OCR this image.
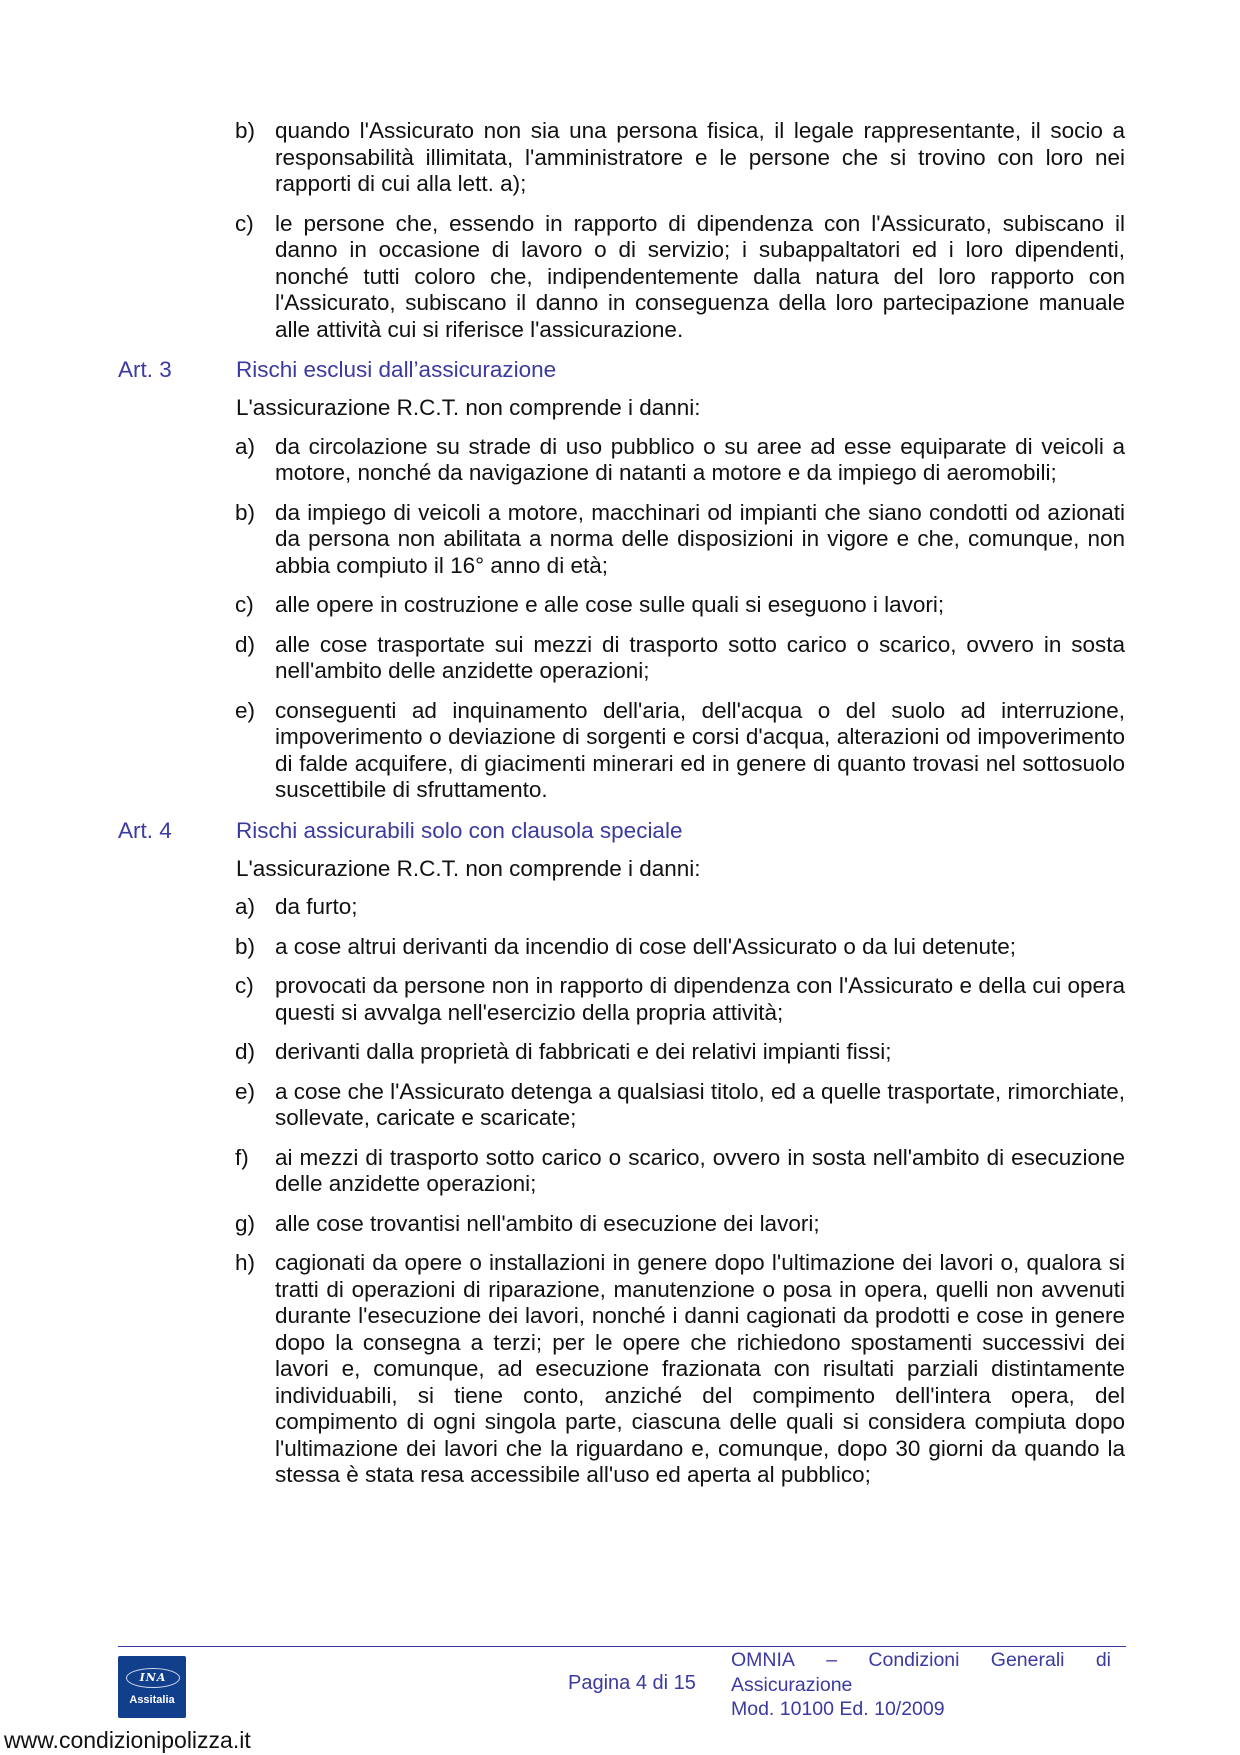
b) quando l'Assicurato non sia una persona fisica, il legale rappresentante, il socio a responsabilità illimitata, l'amministratore e le persone che si trovino con loro nei rapporti di cui alla lett. a);
c) le persone che, essendo in rapporto di dipendenza con l'Assicurato, subiscano il danno in occasione di lavoro o di servizio; i subappaltatori ed i loro dipendenti, nonché tutti coloro che, indipendentemente dalla natura del loro rapporto con l'Assicurato, subiscano il danno in conseguenza della loro partecipazione manuale alle attività cui si riferisce l'assicurazione.
Art. 3	Rischi esclusi dall’assicurazione
L'assicurazione R.C.T. non comprende i danni:
a) da circolazione su strade di uso pubblico o su aree ad esse equiparate di veicoli a motore, nonché da navigazione di natanti a motore e da impiego di aeromobili;
b) da impiego di veicoli a motore, macchinari od impianti che siano condotti od azionati da persona non abilitata a norma delle disposizioni in vigore e che, comunque, non abbia compiuto il 16° anno di età;
c) alle opere in costruzione e alle cose sulle quali si eseguono i lavori;
d) alle cose trasportate sui mezzi di trasporto sotto carico o scarico, ovvero in sosta nell'ambito delle anzidette operazioni;
e) conseguenti ad inquinamento dell'aria, dell'acqua o del suolo ad interruzione, impoverimento o deviazione di sorgenti e corsi d'acqua, alterazioni od impoverimento di falde acquifere, di giacimenti minerari ed in genere di quanto trovasi nel sottosuolo suscettibile di sfruttamento.
Art. 4	Rischi assicurabili solo con clausola speciale
L'assicurazione R.C.T. non comprende i danni:
a) da furto;
b) a cose altrui derivanti da incendio di cose dell'Assicurato o da lui detenute;
c) provocati da persone non in rapporto di dipendenza con l'Assicurato e della cui opera questi si avvalga nell'esercizio della propria attività;
d) derivanti dalla proprietà di fabbricati e dei relativi impianti fissi;
e) a cose che l'Assicurato detenga a qualsiasi titolo, ed a quelle trasportate, rimorchiate, sollevate, caricate e scaricate;
f) ai mezzi di trasporto sotto carico o scarico, ovvero in sosta nell'ambito di esecuzione delle anzidette operazioni;
g) alle cose trovantisi nell'ambito di esecuzione dei lavori;
h) cagionati da opere o installazioni in genere dopo l'ultimazione dei lavori o, qualora si tratti di operazioni di riparazione, manutenzione o posa in opera, quelli non avvenuti durante l'esecuzione dei lavori, nonché i danni cagionati da prodotti e cose in genere dopo la consegna a terzi; per le opere che richiedono spostamenti successivi dei lavori e, comunque, ad esecuzione frazionata con risultati parziali distintamente individuabili, si tiene conto, anziché del compimento dell'intera opera, del compimento di ogni singola parte, ciascuna delle quali si considera compiuta dopo l'ultimazione dei lavori che la riguardano e, comunque, dopo 30 giorni da quando la stessa è stata resa accessibile all'uso ed aperta al pubblico;
INA
Assitalia
Pagina 4 di 15
OMNIA – Condizioni Generali di
Assicurazione
Mod. 10100 Ed. 10/2009
www.condizionipolizza.it
